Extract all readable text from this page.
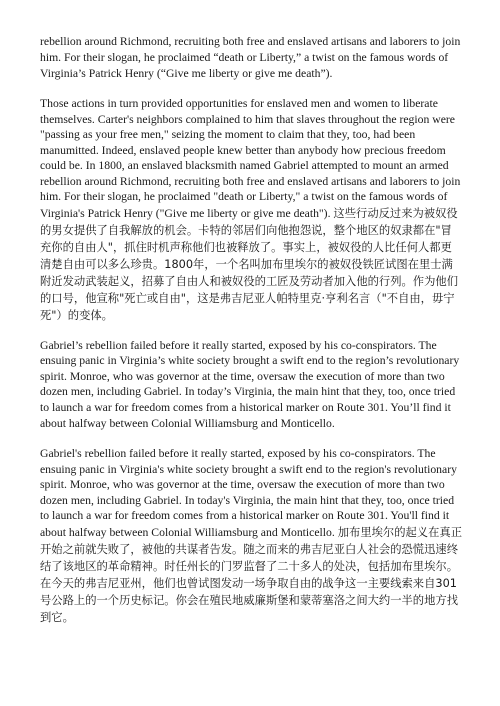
rebellion around Richmond, recruiting both free and enslaved artisans and laborers to join him. For their slogan, he proclaimed “death or Liberty,” a twist on the famous words of Virginia’s Patrick Henry (“Give me liberty or give me death”).

Those actions in turn provided opportunities for enslaved men and women to liberate themselves. Carter's neighbors complained to him that slaves throughout the region were "passing as your free men," seizing the moment to claim that they, too, had been manumitted. Indeed, enslaved people knew better than anybody how precious freedom could be. In 1800, an enslaved blacksmith named Gabriel attempted to mount an armed rebellion around Richmond, recruiting both free and enslaved artisans and laborers to join him. For their slogan, he proclaimed "death or Liberty," a twist on the famous words of Virginia's Patrick Henry ("Give me liberty or give me death"). 这些行动反过来为被奴役的男女提供了自我解放的机会。卡特的邻居们向他抱怨说，整个地区的奴隶都在"冒充你的自由人"，抓住时机声称他们也被释放了。事实上，被奴役的人比任何人都更清楚自由可以多么珍贵。1800年，一个名叫加布里埃尔的被奴役铁匠试图在里士满附近发动武装起义，招募了自由人和被奴役的工匠及劳动者加入他的行列。作为他们的口号，他宣称"死亡或自由"，这是弗吉尼亚人帕特里克·亨利名言（"不自由，毋宁死"）的变体。

Gabriel’s rebellion failed before it really started, exposed by his co-conspirators. The ensuing panic in Virginia’s white society brought a swift end to the region’s revolutionary spirit. Monroe, who was governor at the time, oversaw the execution of more than two dozen men, including Gabriel. In today’s Virginia, the main hint that they, too, once tried to launch a war for freedom comes from a historical marker on Route 301. You’ll find it about halfway between Colonial Williamsburg and Monticello.

Gabriel's rebellion failed before it really started, exposed by his co-conspirators. The ensuing panic in Virginia's white society brought a swift end to the region's revolutionary spirit. Monroe, who was governor at the time, oversaw the execution of more than two dozen men, including Gabriel. In today's Virginia, the main hint that they, too, once tried to launch a war for freedom comes from a historical marker on Route 301. You'll find it about halfway between Colonial Williamsburg and Monticello. 加布里埃尔的起义在真正开始之前就失败了，被他的共谋者告发。随之而来的弗吉尼亚白人社会的恐慌迅速终结了该地区的革命精神。时任州长的门罗监督了二十多人的处决，包括加布里埃尔。在今天的弗吉尼亚州，他们也曾试图发动一场争取自由的战争这一主要线索来自301号公路上的一个历史标记。你会在殖民地威廉斯堡和蒙蒂塞洛之间大约一半的地方找到它。
